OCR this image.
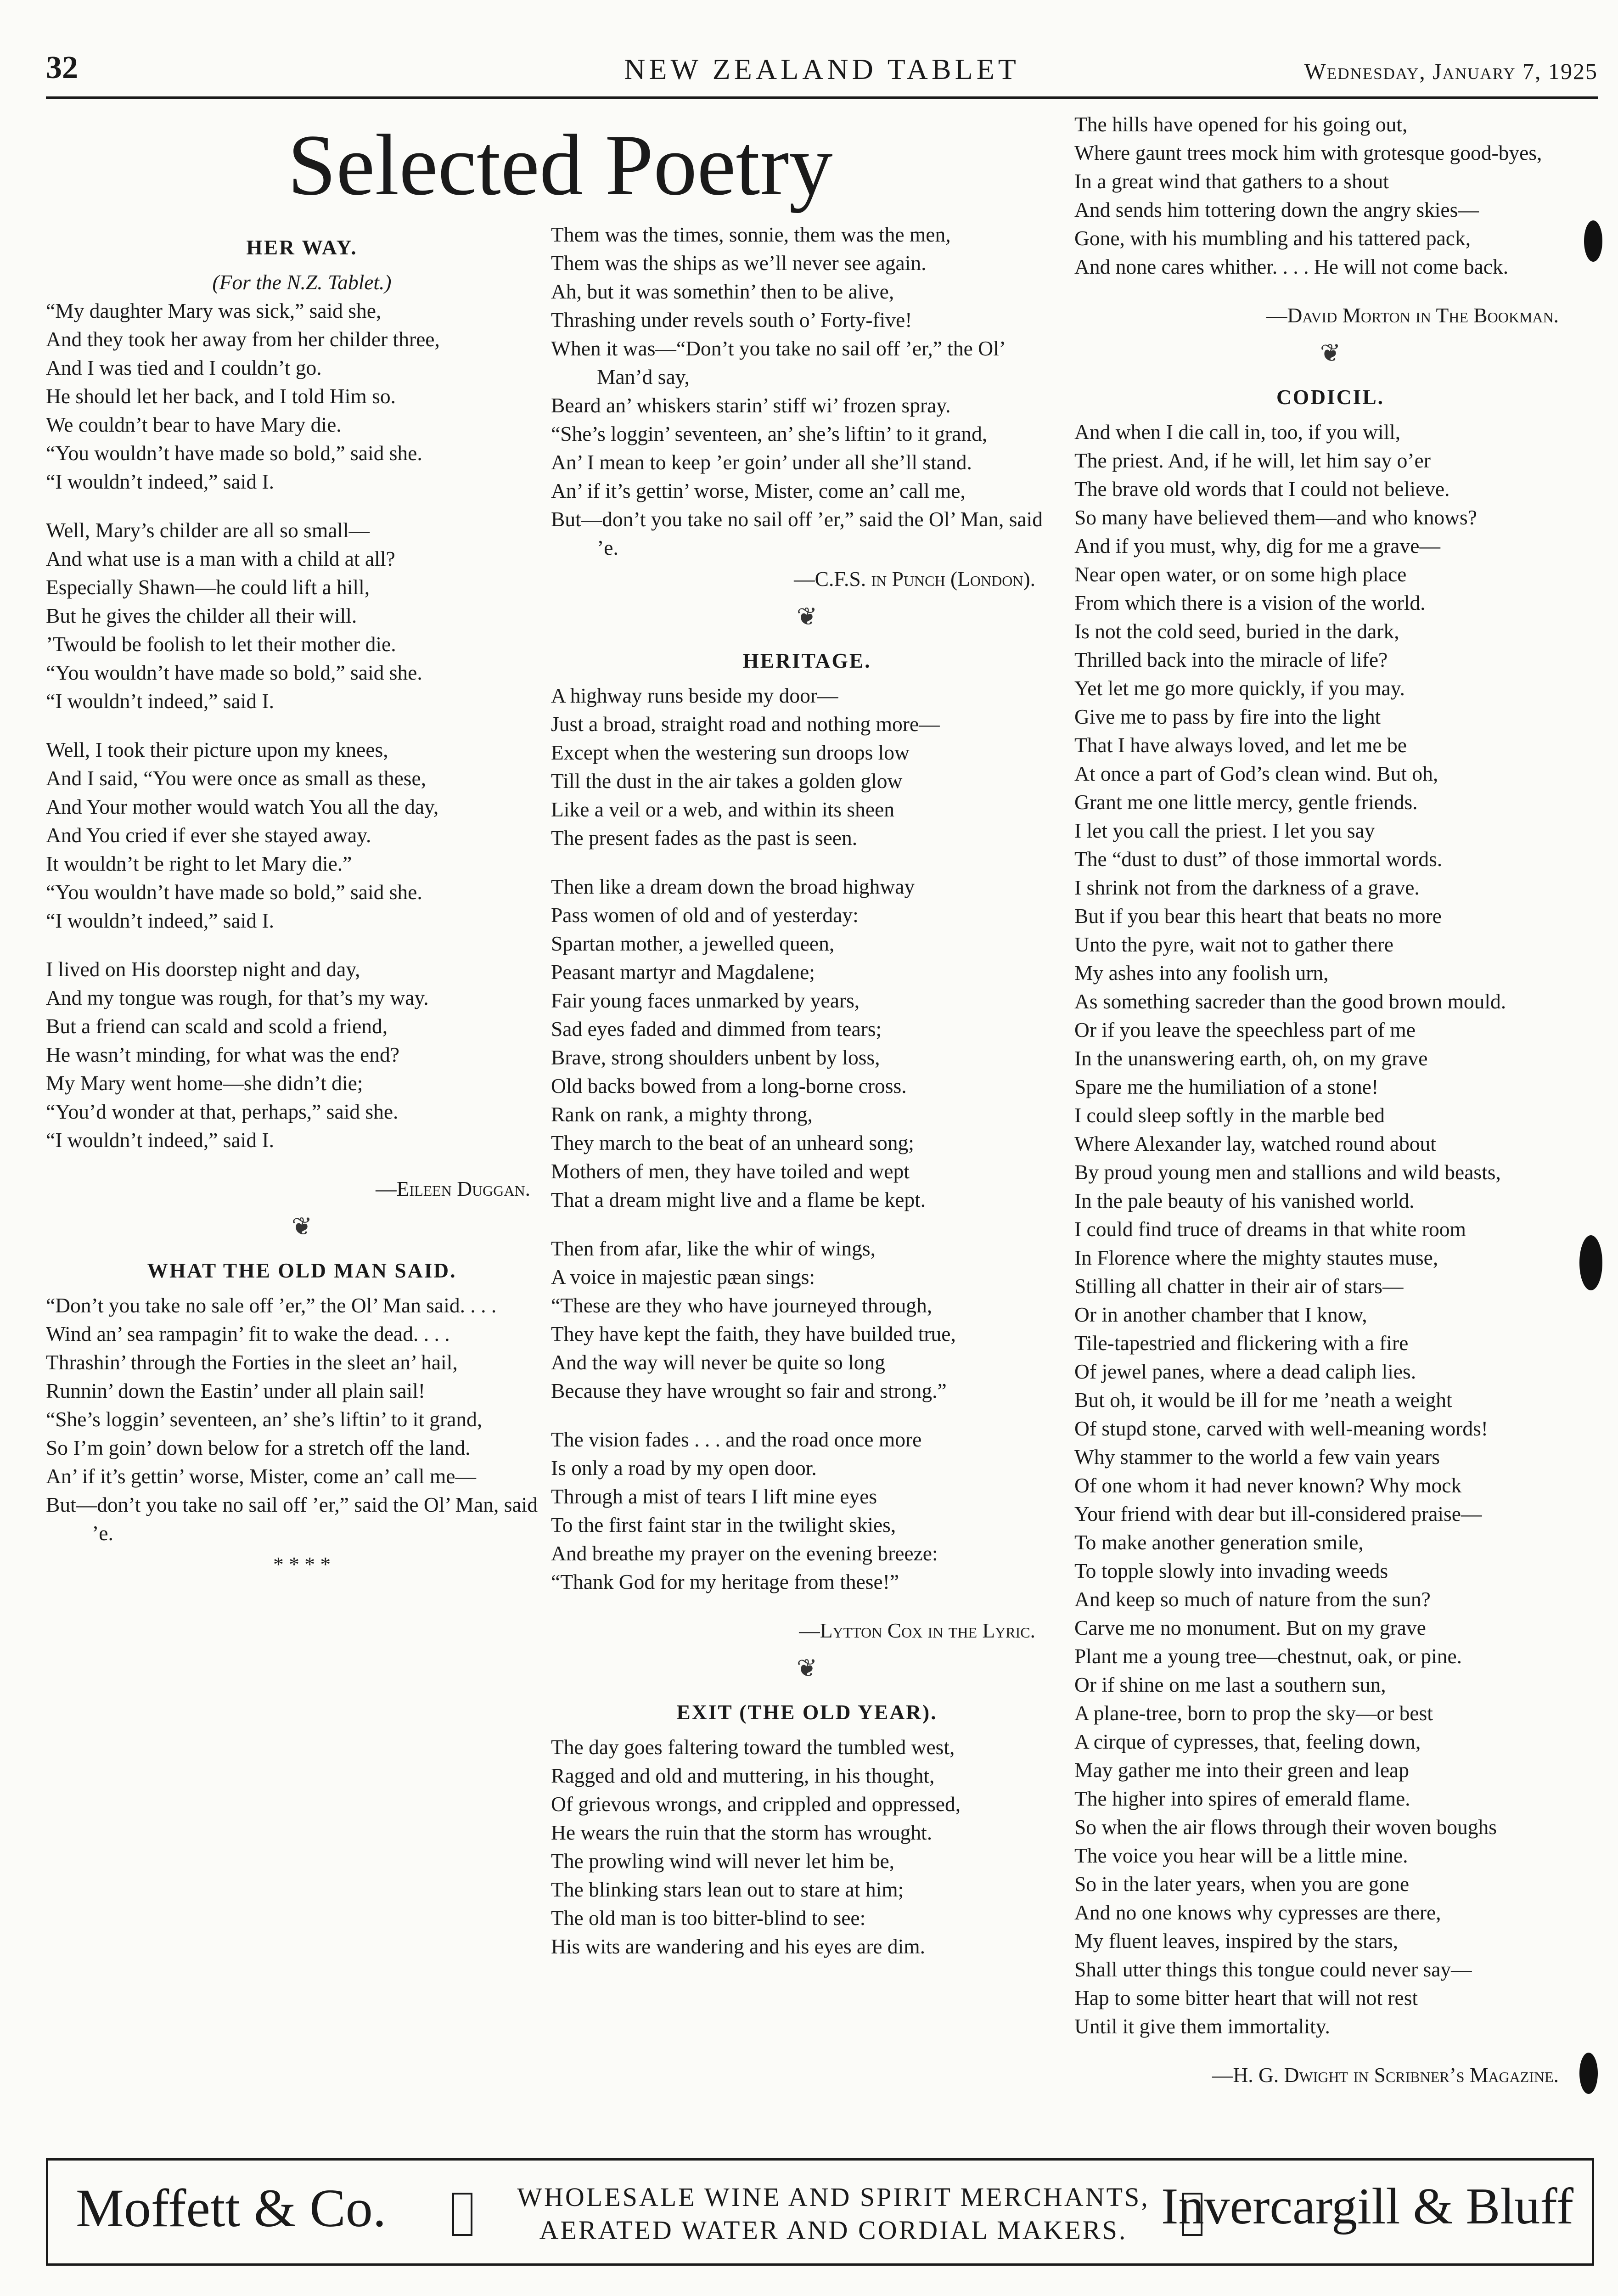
32	NEW ZEALAND TABLET	Wednesday, January 7, 1925
Selected Poetry
HER WAY.
(For the N.Z. Tablet.)
“My daughter Mary was sick,” said she,
And they took her away from her childer three,
And I was tied and I couldn’t go.
He should let her back, and I told Him so.
We couldn’t bear to have Mary die.
“You wouldn’t have made so bold,” said she.
“I wouldn’t indeed,” said I.
Well, Mary’s childer are all so small—
And what use is a man with a child at all?
Especially Shawn—he could lift a hill,
But he gives the childer all their will.
’Twould be foolish to let their mother die.
“You wouldn’t have made so bold,” said she.
“I wouldn’t indeed,” said I.
Well, I took their picture upon my knees,
And I said, “You were once as small as these,
And Your mother would watch You all the day,
And You cried if ever she stayed away.
It wouldn’t be right to let Mary die.”
“You wouldn’t have made so bold,” said she.
“I wouldn’t indeed,” said I.
I lived on His doorstep night and day,
And my tongue was rough, for that’s my way.
But a friend can scald and scold a friend,
He wasn’t minding, for what was the end?
My Mary went home—she didn’t die;
“You’d wonder at that, perhaps,” said she.
“I wouldn’t indeed,” said I.
—Eileen Duggan.
❦
WHAT THE OLD MAN SAID.
“Don’t you take no sale off ’er,” the Ol’ Man said. . . .
Wind an’ sea rampagin’ fit to wake the dead. . . .
Thrashin’ through the Forties in the sleet an’ hail,
Runnin’ down the Eastin’ under all plain sail!
“She’s loggin’ seventeen, an’ she’s liftin’ to it grand,
So I’m goin’ down below for a stretch off the land.
An’ if it’s gettin’ worse, Mister, come an’ call me—
But—don’t you take no sail off ’er,” said the Ol’ Man, said ’e.
* * * *
Them was the times, sonnie, them was the men,
Them was the ships as we’ll never see again.
Ah, but it was somethin’ then to be alive,
Thrashing under revels south o’ Forty-five!
When it was—“Don’t you take no sail off ’er,” the Ol’ Man’d say,
Beard an’ whiskers starin’ stiff wi’ frozen spray.
“She’s loggin’ seventeen, an’ she’s liftin’ to it grand,
An’ I mean to keep ’er goin’ under all she’ll stand.
An’ if it’s gettin’ worse, Mister, come an’ call me,
But—don’t you take no sail off ’er,” said the Ol’ Man, said ’e.
—C.F.S. in Punch (London).
❦
HERITAGE.
A highway runs beside my door—
Just a broad, straight road and nothing more—
Except when the westering sun droops low
Till the dust in the air takes a golden glow
Like a veil or a web, and within its sheen
The present fades as the past is seen.
Then like a dream down the broad highway
Pass women of old and of yesterday:
Spartan mother, a jewelled queen,
Peasant martyr and Magdalene;
Fair young faces unmarked by years,
Sad eyes faded and dimmed from tears;
Brave, strong shoulders unbent by loss,
Old backs bowed from a long-borne cross.
Rank on rank, a mighty throng,
They march to the beat of an unheard song;
Mothers of men, they have toiled and wept
That a dream might live and a flame be kept.
Then from afar, like the whir of wings,
A voice in majestic pæan sings:
“These are they who have journeyed through,
They have kept the faith, they have builded true,
And the way will never be quite so long
Because they have wrought so fair and strong.”
The vision fades . . . and the road once more
Is only a road by my open door.
Through a mist of tears I lift mine eyes
To the first faint star in the twilight skies,
And breathe my prayer on the evening breeze:
“Thank God for my heritage from these!”
—Lytton Cox in the Lyric.
❦
EXIT (THE OLD YEAR).
The day goes faltering toward the tumbled west,
Ragged and old and muttering, in his thought,
Of grievous wrongs, and crippled and oppressed,
He wears the ruin that the storm has wrought.
The prowling wind will never let him be,
The blinking stars lean out to stare at him;
The old man is too bitter-blind to see:
His wits are wandering and his eyes are dim.
The hills have opened for his going out,
Where gaunt trees mock him with grotesque good-byes,
In a great wind that gathers to a shout
And sends him tottering down the angry skies—
Gone, with his mumbling and his tattered pack,
And none cares whither. . . . He will not come back.
—David Morton in The Bookman.
❦
CODICIL.
And when I die call in, too, if you will,
The priest. And, if he will, let him say o’er
The brave old words that I could not believe.
So many have believed them—and who knows?
And if you must, why, dig for me a grave—
Near open water, or on some high place
From which there is a vision of the world.
Is not the cold seed, buried in the dark,
Thrilled back into the miracle of life?
Yet let me go more quickly, if you may.
Give me to pass by fire into the light
That I have always loved, and let me be
At once a part of God’s clean wind. But oh,
Grant me one little mercy, gentle friends.
I let you call the priest. I let you say
The “dust to dust” of those immortal words.
I shrink not from the darkness of a grave.
But if you bear this heart that beats no more
Unto the pyre, wait not to gather there
My ashes into any foolish urn,
As something sacreder than the good brown mould.
Or if you leave the speechless part of me
In the unanswering earth, oh, on my grave
Spare me the humiliation of a stone!
I could sleep softly in the marble bed
Where Alexander lay, watched round about
By proud young men and stallions and wild beasts,
In the pale beauty of his vanished world.
I could find truce of dreams in that white room
In Florence where the mighty stautes muse,
Stilling all chatter in their air of stars—
Or in another chamber that I know,
Tile-tapestried and flickering with a fire
Of jewel panes, where a dead caliph lies.
But oh, it would be ill for me ’neath a weight
Of stupd stone, carved with well-meaning words!
Why stammer to the world a few vain years
Of one whom it had never known? Why mock
Your friend with dear but ill-considered praise—
To make another generation smile,
To topple slowly into invading weeds
And keep so much of nature from the sun?
Carve me no monument. But on my grave
Plant me a young tree—chestnut, oak, or pine.
Or if shine on me last a southern sun,
A plane-tree, born to prop the sky—or best
A cirque of cypresses, that, feeling down,
May gather me into their green and leap
The higher into spires of emerald flame.
So when the air flows through their woven boughs
The voice you hear will be a little mine.
So in the later years, when you are gone
And no one knows why cypresses are there,
My fluent leaves, inspired by the stars,
Shall utter things this tongue could never say—
Hap to some bitter heart that will not rest
Until it give them immortality.
—H. G. Dwight in Scribner’s Magazine.
Moffett & Co.	WHOLESALE WINE AND SPIRIT MERCHANTS,
AERATED WATER AND CORDIAL MAKERS. Invercargill & Bluff
